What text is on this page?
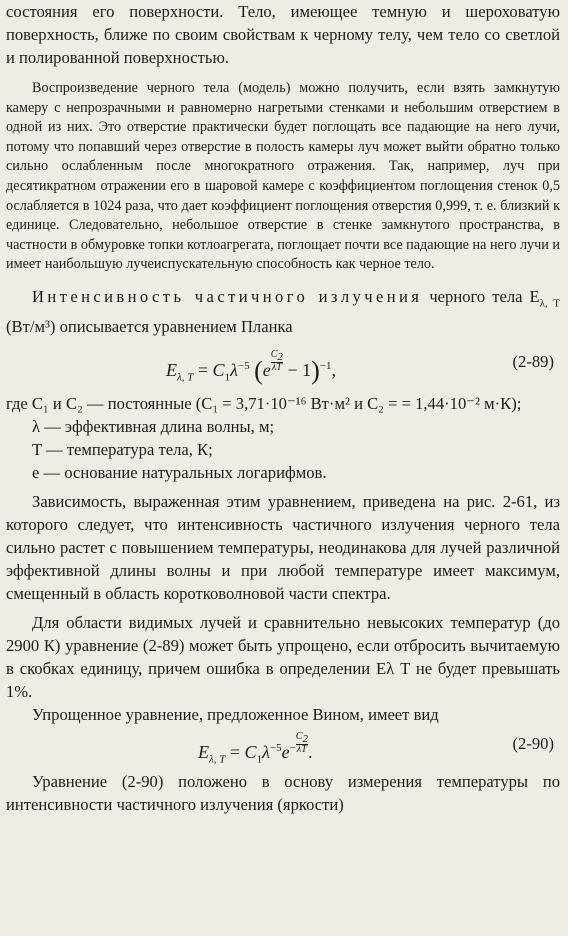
состояния его поверхности. Тело, имеющее темную и шероховатую поверхность, ближе по своим свойствам к черному телу, чем тело со светлой и полированной поверхностью.

Воспроизведение черного тела (модель) можно получить, если взять замкнутую камеру с непрозрачными и равномерно нагретыми стенками и небольшим отверстием в одной из них. Это отверстие практически будет поглощать все падающие на него лучи, потому что попавший через отверстие в полость камеры луч может выйти обратно только сильно ослабленным после многократного отражения. Так, например, луч при десятикратном отражении его в шаровой камере с коэффициентом поглощения стенок 0,5 ослабляется в 1024 раза, что дает коэффициент поглощения отверстия 0,999, т. е. близкий к единице. Следовательно, небольшое отверстие в стенке замкнутого пространства, в частности в обмуровке топки котлоагрегата, поглощает почти все падающие на него лучи и имеет наибольшую лучеиспускательную способность как черное тело.

Интенсивность частичного излучения черного тела $E_{\lambda, T}$ (Вт/м³) описывается уравнением Планка

$E_{\lambda, T} = C_1\lambda^{-5}$ $(e \frac{C_2}{\lambda T} - 1)^{-1}$,	(2-89)

где C₁ и C₂ — постоянные (C₁ = 3,71·10⁻¹⁶ Вт·м² и C₂ = = 1,44·10⁻² м·К);

λ — эффективная длина волны, м;

T — температура тела, К;

e — основание натуральных логарифмов.

Зависимость, выраженная этим уравнением, приведена на рис. 2-61, из которого следует, что интенсивность частичного излучения черного тела сильно растет с повышением температуры, неодинакова для лучей различной эффективной длины волны и при любой температуре имеет максимум, смещенный в область коротковолновой части спектра.

Для области видимых лучей и сравнительно невысоких температур (до 2900 К) уравнение (2-89) может быть упрощено, если отбросить вычитаемую в скобках единицу, причем ошибка в определении Eλ T не будет превышать 1%.

Упрощенное уравнение, предложенное Вином, имеет вид

$E_{\lambda, T} = C_1\lambda^{-5}e^- \frac{C_2}{\lambda T}$ .	(2-90)

Уравнение (2-90) положено в основу измерения температуры по интенсивности частичного излучения (яркости)
